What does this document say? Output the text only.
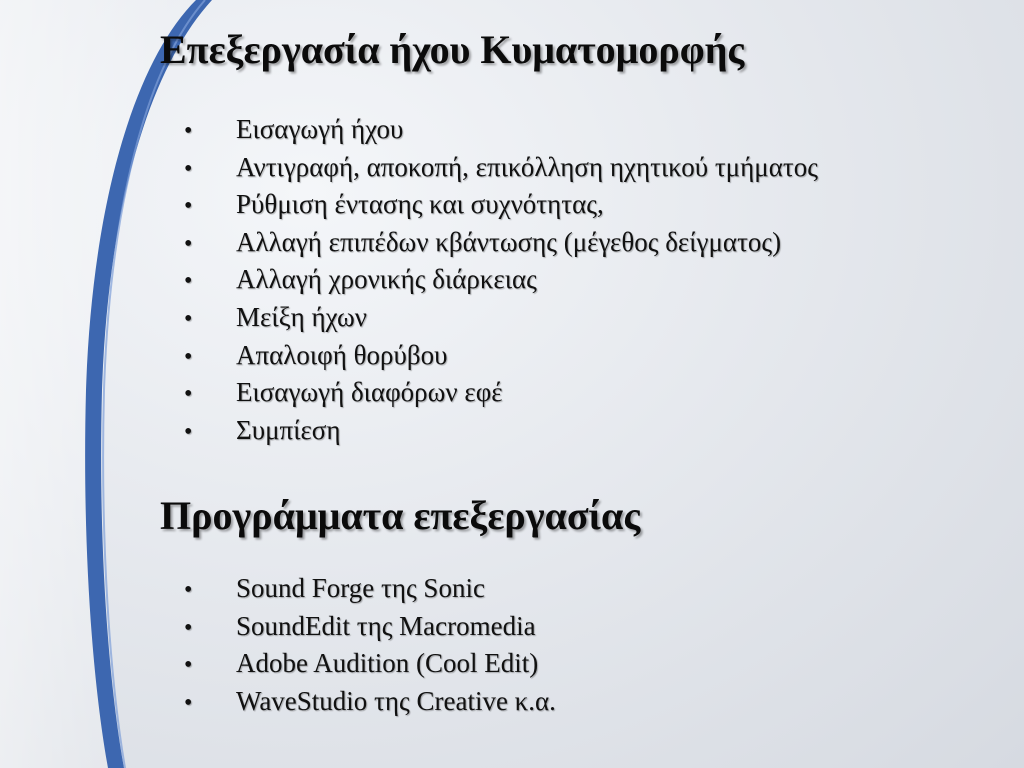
Επεξεργασία ήχου Κυματομορφής
• Εισαγωγή ήχου
• Αντιγραφή, αποκοπή, επικόλληση ηχητικού τμήματος
• Ρύθμιση έντασης και συχνότητας,
• Αλλαγή επιπέδων κβάντωσης (μέγεθος δείγματος)
• Αλλαγή χρονικής διάρκειας
• Μείξη ήχων
• Απαλοιφή θορύβου
• Εισαγωγή διαφόρων εφέ
• Συμπίεση
Προγράμματα επεξεργασίας
• Sound Forge της Sonic
• SoundEdit της Macromedia
• Adobe Audition (Cool Edit)
• WaveStudio της Creative κ.α.
